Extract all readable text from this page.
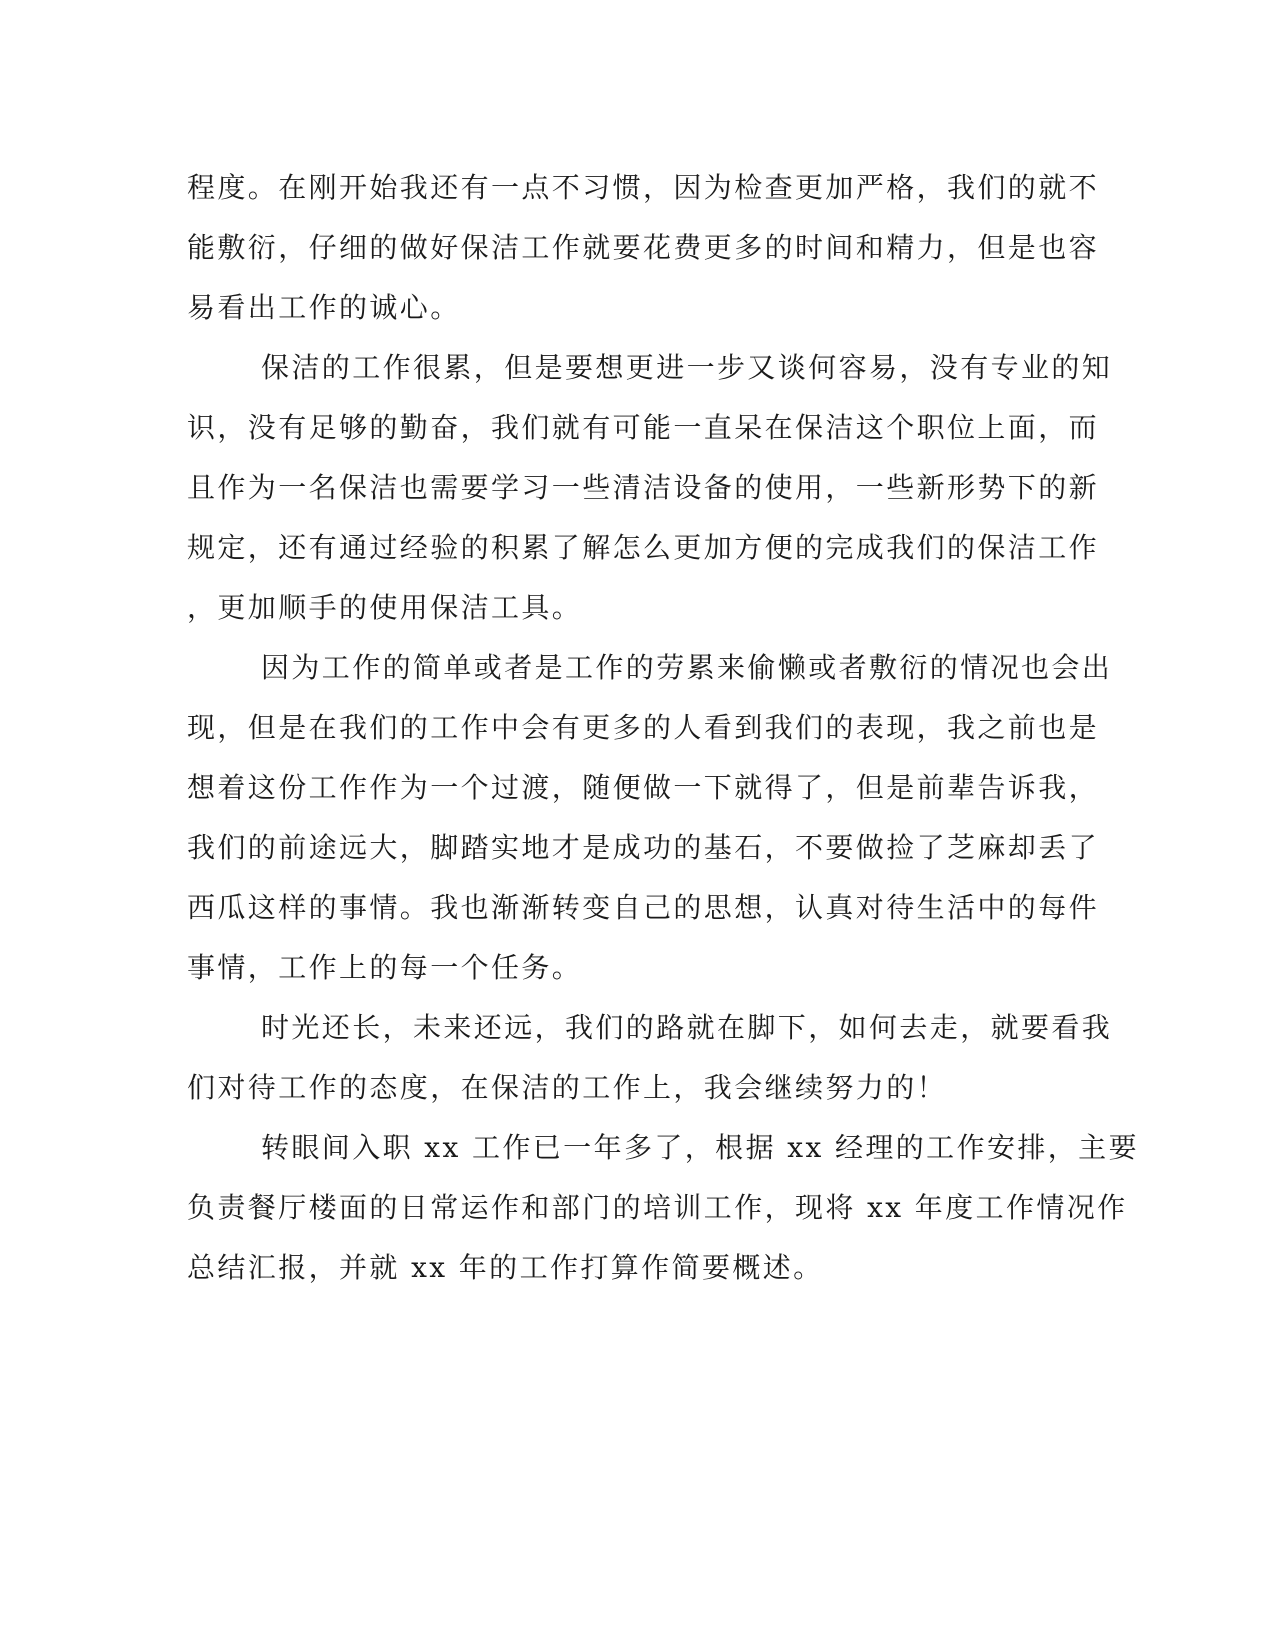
程度。在刚开始我还有一点不习惯，因为检查更加严格，我们的就不
能敷衍，仔细的做好保洁工作就要花费更多的时间和精力，但是也容
易看出工作的诚心。
保洁的工作很累，但是要想更进一步又谈何容易，没有专业的知
识，没有足够的勤奋，我们就有可能一直呆在保洁这个职位上面，而
且作为一名保洁也需要学习一些清洁设备的使用，一些新形势下的新
规定，还有通过经验的积累了解怎么更加方便的完成我们的保洁工作
，更加顺手的使用保洁工具。
因为工作的简单或者是工作的劳累来偷懒或者敷衍的情况也会出
现，但是在我们的工作中会有更多的人看到我们的表现，我之前也是
想着这份工作作为一个过渡，随便做一下就得了，但是前辈告诉我，
我们的前途远大，脚踏实地才是成功的基石，不要做捡了芝麻却丢了
西瓜这样的事情。我也渐渐转变自己的思想，认真对待生活中的每件
事情，工作上的每一个任务。
时光还长，未来还远，我们的路就在脚下，如何去走，就要看我
们对待工作的态度，在保洁的工作上，我会继续努力的！
转眼间入职 xx 工作已一年多了，根据 xx 经理的工作安排，主要
负责餐厅楼面的日常运作和部门的培训工作，现将 xx 年度工作情况作
总结汇报，并就 xx 年的工作打算作简要概述。
